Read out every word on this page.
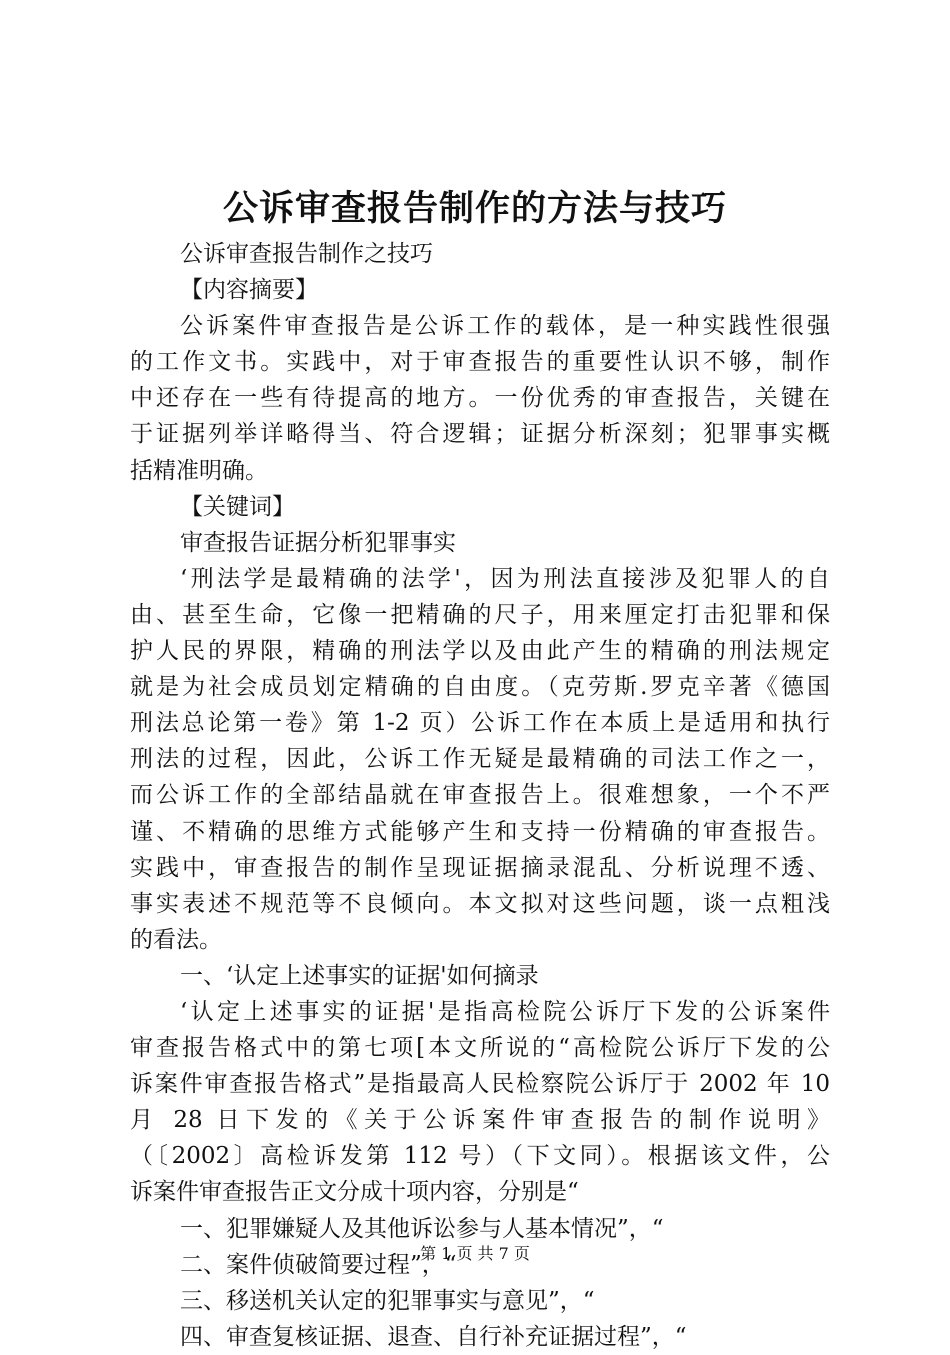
公诉审查报告制作的方法与技巧
公诉审查报告制作之技巧
【内容摘要】
公诉案件审查报告是公诉工作的载体，是一种实践性很强
的工作文书。实践中，对于审查报告的重要性认识不够，制作
中还存在一些有待提高的地方。一份优秀的审查报告，关键在
于证据列举详略得当、符合逻辑；证据分析深刻；犯罪事实概
括精准明确。
【关键词】
审查报告证据分析犯罪事实
‘刑法学是最精确的法学'，因为刑法直接涉及犯罪人的自
由、甚至生命，它像一把精确的尺子，用来厘定打击犯罪和保
护人民的界限，精确的刑法学以及由此产生的精确的刑法规定
就是为社会成员划定精确的自由度。（克劳斯.罗克辛著《德国
刑法总论第一卷》第 1-2 页）公诉工作在本质上是适用和执行
刑法的过程，因此，公诉工作无疑是最精确的司法工作之一，
而公诉工作的全部结晶就在审查报告上。很难想象，一个不严
谨、不精确的思维方式能够产生和支持一份精确的审查报告。
实践中，审查报告的制作呈现证据摘录混乱、分析说理不透、
事实表述不规范等不良倾向。本文拟对这些问题，谈一点粗浅
的看法。
一、‘认定上述事实的证据'如何摘录
‘认定上述事实的证据'是指高检院公诉厅下发的公诉案件
审查报告格式中的第七项[本文所说的“高检院公诉厅下发的公
诉案件审查报告格式”是指最高人民检察院公诉厅于 2002 年 10
月 28 日下发的《关于公诉案件审查报告的制作说明》
（〔2002〕高检诉发第 112 号）（下文同）。根据该文件，公
诉案件审查报告正文分成十项内容，分别是“
一、犯罪嫌疑人及其他诉讼参与人基本情况”，“
二、案件侦破简要过程”，“
三、移送机关认定的犯罪事实与意见”，“
四、审查复核证据、退查、自行补充证据过程”，“
第 1 页 共 7 页
